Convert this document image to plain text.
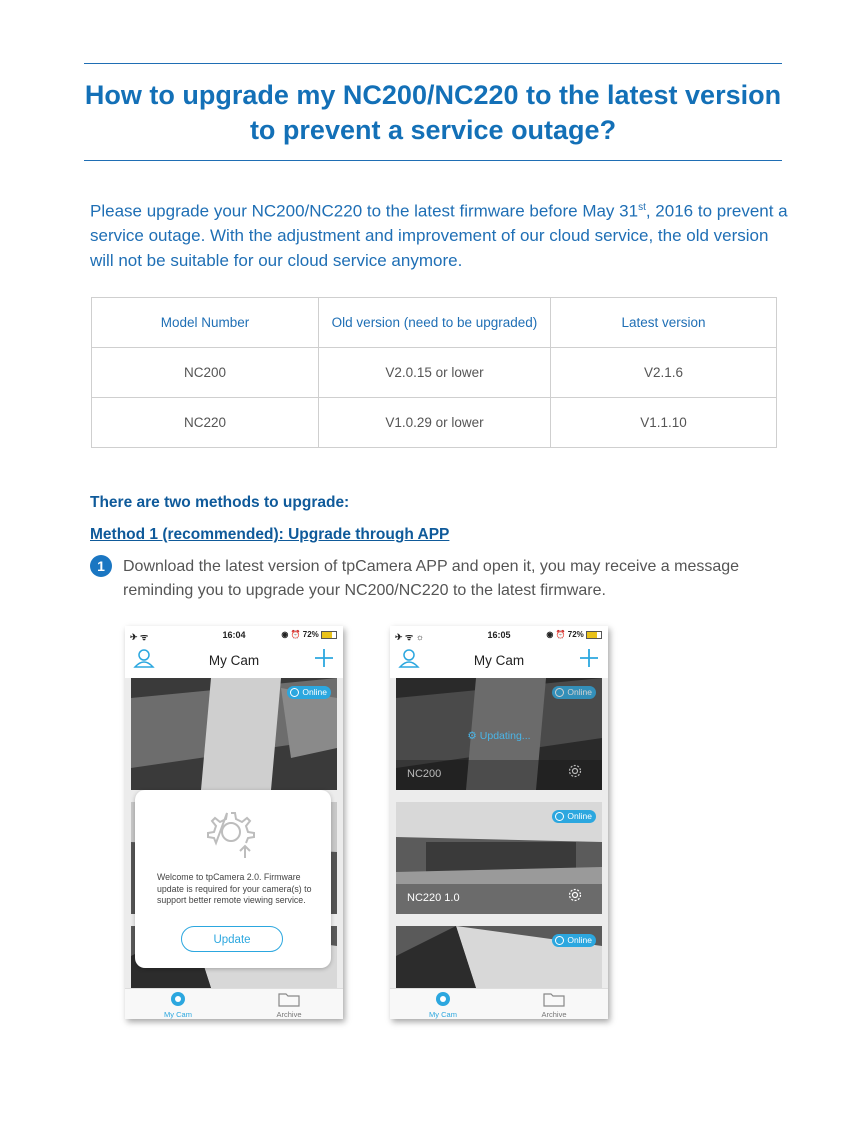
How to upgrade my NC200/NC220 to the latest version to prevent a service outage?

Please upgrade your NC200/NC220 to the latest firmware before May 31st, 2016 to prevent a service outage. With the adjustment and improvement of our cloud service, the old version will not be suitable for our cloud service anymore.

Model Number	Old version (need to be upgraded)	Latest version
NC200	V2.0.15 or lower	V2.1.6
NC220	V1.0.29 or lower	V1.1.10

There are two methods to upgrade:

Method 1 (recommended): Upgrade through APP

1	Download the latest version of tpCamera APP and open it, you may receive a message reminding you to upgrade your NC200/NC220 to the latest firmware.

✈ ᯤ	16:04	◉ ⏰ 72%
My Cam
Online

Welcome to tpCamera 2.0. Firmware update is required for your camera(s) to support better remote viewing service.

Update
My Cam	Archive
✈ ᯤ ☼	16:05	◉ ⏰ 72%
My Cam
Online
⚙ Updating...
NC200
Online
NC220 1.0
Online
My Cam	Archive
